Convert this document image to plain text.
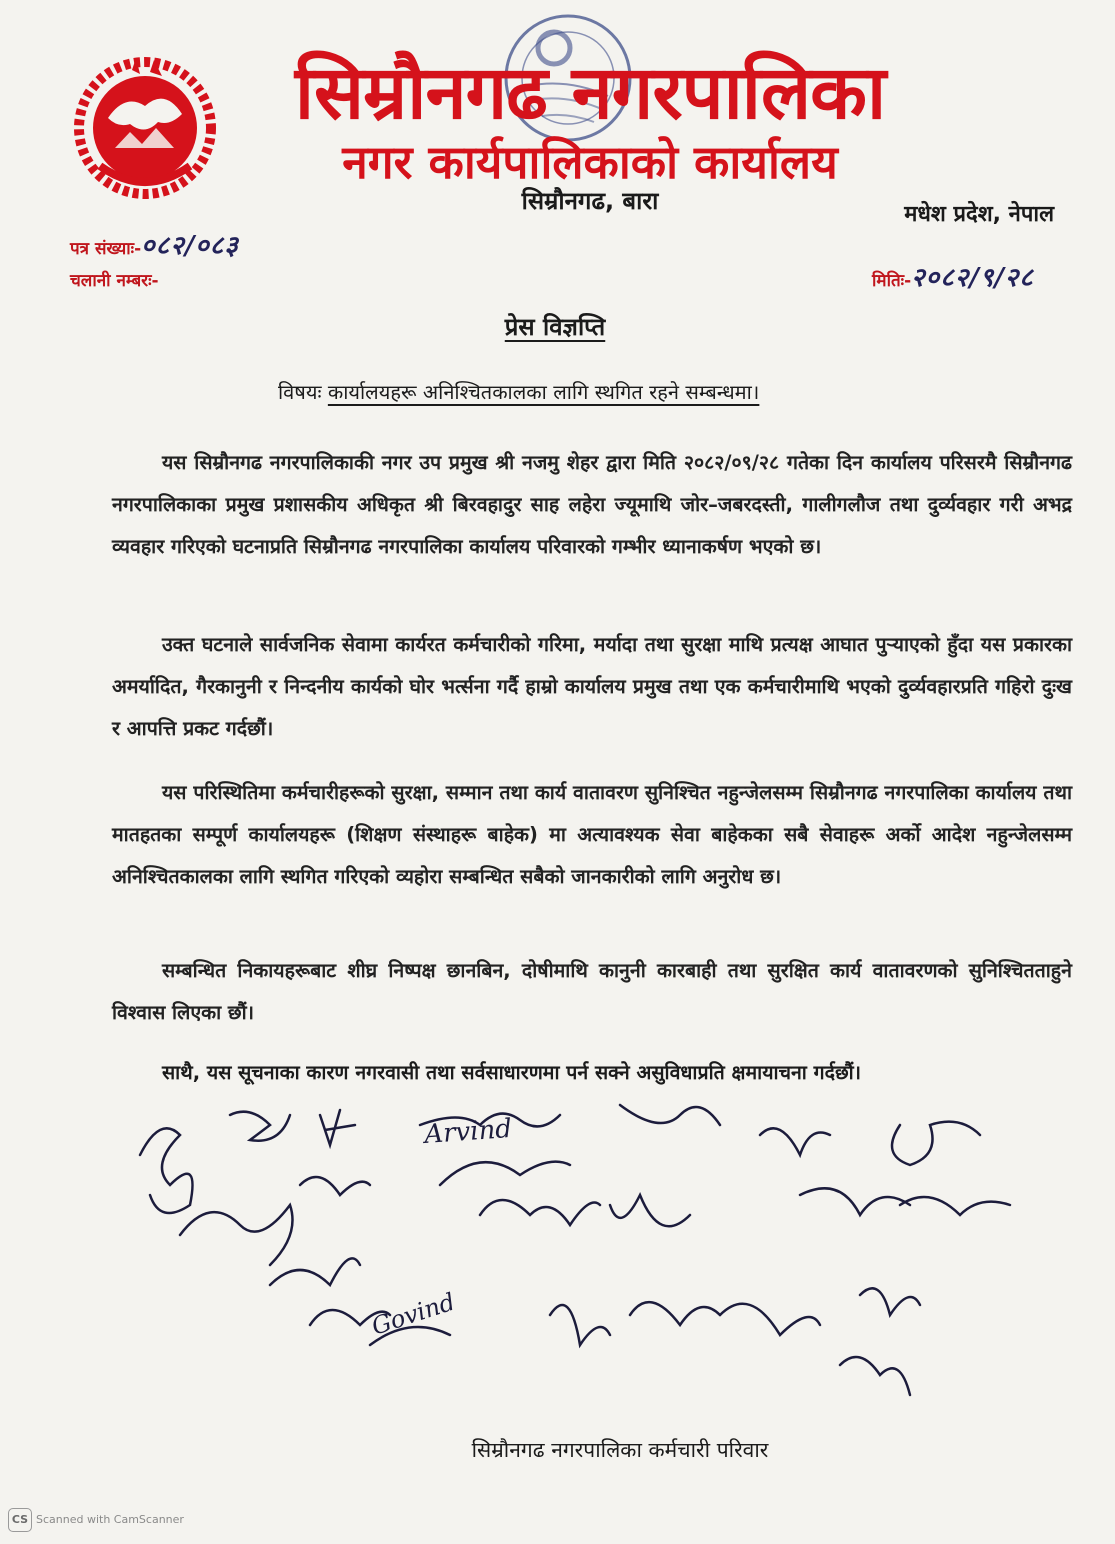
सिम्रौनगढ नगरपालिका
नगर कार्यपालिकाको कार्यालय
सिम्रौनगढ, बारा	मधेश प्रदेश, नेपाल
पत्र संख्याः-०८२/०८३
चलानी नम्बरः-	मितिः-२०८२/९/२८
प्रेस विज्ञप्ति
विषयः कार्यालयहरू अनिश्चितकालका लागि स्थगित रहने सम्बन्धमा।
यस सिम्रौनगढ नगरपालिकाकी नगर उप प्रमुख श्री नजमु शेहर द्वारा मिति २०८२/०९/२८ गतेका दिन कार्यालय परिसरमै सिम्रौनगढ नगरपालिकाका प्रमुख प्रशासकीय अधिकृत श्री बिरवहादुर साह लहेरा ज्यूमाथि जोर–जबरदस्ती, गालीगलौज तथा दुर्व्यवहार गरी अभद्र व्यवहार गरिएको घटनाप्रति सिम्रौनगढ नगरपालिका कार्यालय परिवारको गम्भीर ध्यानाकर्षण भएको छ।
उक्त घटनाले सार्वजनिक सेवामा कार्यरत कर्मचारीको गरिमा, मर्यादा तथा सुरक्षा माथि प्रत्यक्ष आघात पुऱ्याएको हुँदा यस प्रकारका अमर्यादित, गैरकानुनी र निन्दनीय कार्यको घोर भर्त्सना गर्दै हाम्रो कार्यालय प्रमुख तथा एक कर्मचारीमाथि भएको दुर्व्यवहारप्रति गहिरो दुःख र आपत्ति प्रकट गर्दछौं।
यस परिस्थितिमा कर्मचारीहरूको सुरक्षा, सम्मान तथा कार्य वातावरण सुनिश्चित नहुन्जेलसम्म सिम्रौनगढ नगरपालिका कार्यालय तथा मातहतका सम्पूर्ण कार्यालयहरू (शिक्षण संस्थाहरू बाहेक) मा अत्यावश्यक सेवा बाहेकका सबै सेवाहरू अर्को आदेश नहुन्जेलसम्म अनिश्चितकालका लागि स्थगित गरिएको व्यहोरा सम्बन्धित सबैको जानकारीको लागि अनुरोध छ।
सम्बन्धित निकायहरूबाट शीघ्र निष्पक्ष छानबिन, दोषीमाथि कानुनी कारबाही तथा सुरक्षित कार्य वातावरणको सुनिश्चितताहुने विश्वास लिएका छौं।
साथै, यस सूचनाका कारण नगरवासी तथा सर्वसाधारणमा पर्न सक्ने असुविधाप्रति क्षमायाचना गर्दछौं।
Arvind
Govind
सिम्रौनगढ नगरपालिका कर्मचारी परिवार
CS Scanned with CamScanner
